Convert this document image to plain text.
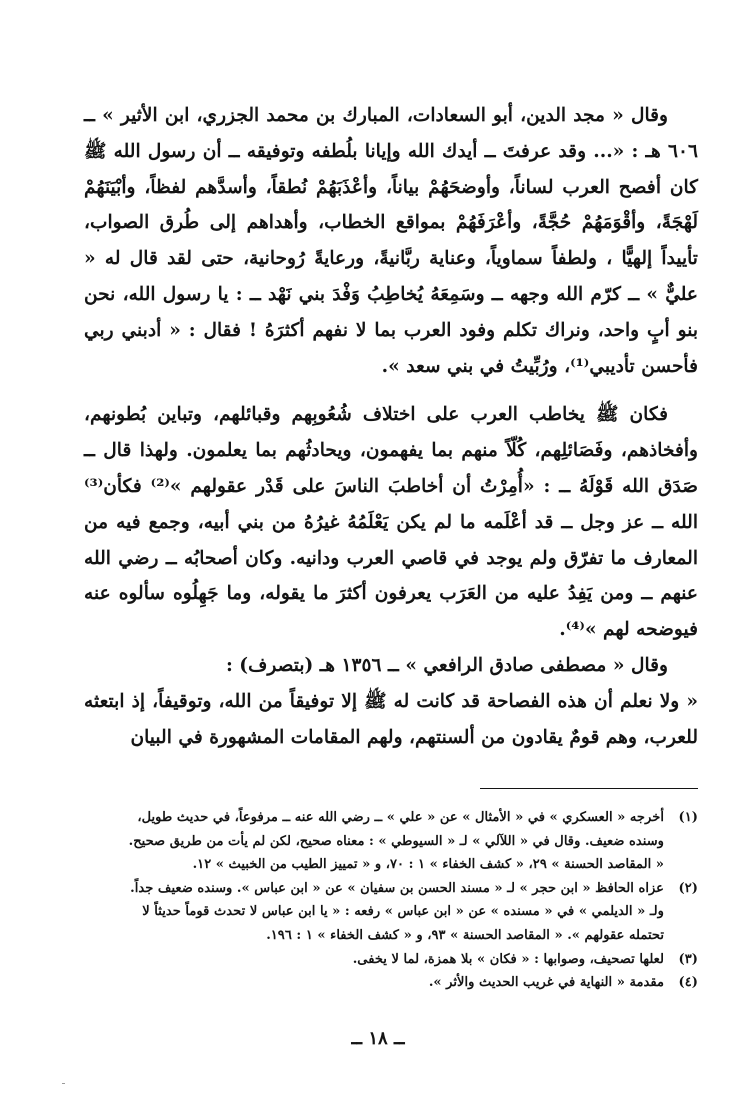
وقال « مجد الدين، أبو السعادات، المبارك بن محمد الجزري، ابن الأثير » ــ ٦٠٦ هـ : «... وقد عرفتَ ــ أيدك الله وإيانا بلُطفه وتوفيقه ــ أن رسول الله ﷺ كان أفصح العرب لساناً، وأوضحَهُمْ بياناً، وأعْذَبَهُمْ نُطقاً، وأسدَّهم لفظاً، وأبْيَنَهُمْ لَهْجَةً، وأقْوَمَهُمْ حُجَّةً، وأعْرَفَهُمْ بمواقع الخطاب، وأهداهم إلى طُرق الصواب، تأييداً إلهيًّا ، ولطفاً سماوياً، وعناية ربَّانيةً، ورعايةً رُوحانية، حتى لقد قال له « عليٌّ » ــ كرّم الله وجهه ــ وسَمِعَهُ يُخاطِبُ وَفْدَ بني نَهْد ــ : يا رسول الله، نحن بنو أبٍ واحد، ونراك تكلم وفود العرب بما لا نفهم أكثرَهُ ! فقال : « أدبني ربي فأحسن تأديبي⁽¹⁾، ورُبِّيتُ في بني سعد ».

فكان ﷺ يخاطب العرب على اختلاف شُعُوبِهم وقبائلهم، وتباين بُطونهم، وأفخاذهم، وفَصَائلِهم، كُلّاً منهم بما يفهمون، ويحادثُهم بما يعلمون. ولهذا قال ــ صَدَق الله قَوْلَهُ ــ : «أُمِرْتُ أن أخاطبَ الناسَ على قَدْر عقولهم »⁽²⁾ فكأن⁽³⁾ الله ــ عز وجل ــ قد أعْلَمه ما لم يكن يَعْلَمُهُ غيرُهُ من بني أبيه، وجمع فيه من المعارف ما تفرّق ولم يوجد في قاصي العرب ودانيه. وكان أصحابُه ــ رضي الله عنهم ــ ومن يَفِدُ عليه من العَرَب يعرفون أكثرَ ما يقوله، وما جَهِلُوه سألوه عنه فيوضحه لهم »⁽⁴⁾.

وقال « مصطفى صادق الرافعي » ــ ١٣٥٦ هـ (بتصرف) :

« ولا نعلم أن هذه الفصاحة قد كانت له ﷺ إلا توفيقاً من الله، وتوقيفاً، إذ ابتعثه للعرب، وهم قومٌ يقادون من ألسنتهم، ولهم المقامات المشهورة في البيان

(١)
أخرجه « العسكري » في « الأمثال » عن « علي » ــ رضي الله عنه ــ مرفوعاً، في حديث طويل،
وسنده ضعيف. وقال في « اللآلي » لـ « السيوطي » : معناه صحيح، لكن لم يأت من طريق صحيح.
« المقاصد الحسنة » ٢٩، « كشف الخفاء » ١ : ٧٠، و « تمييز الطيب من الخبيث » ١٢.
(٢)
عزاه الحافظ « ابن حجر » لـ « مسند الحسن بن سفيان » عن « ابن عباس ». وسنده ضعيف جداً.
ولـ « الديلمي » في « مسنده » عن « ابن عباس » رفعه : « يا ابن عباس لا تحدث قوماً حديثاً لا
تحتمله عقولهم ». « المقاصد الحسنة » ٩٣، و « كشف الخفاء » ١ : ١٩٦.
(٣)
لعلها تصحيف، وصوابها : « فكان » بلا همزة، لما لا يخفى.
(٤)
مقدمة « النهاية في غريب الحديث والأثر ».
ــ ١٨ ــ
